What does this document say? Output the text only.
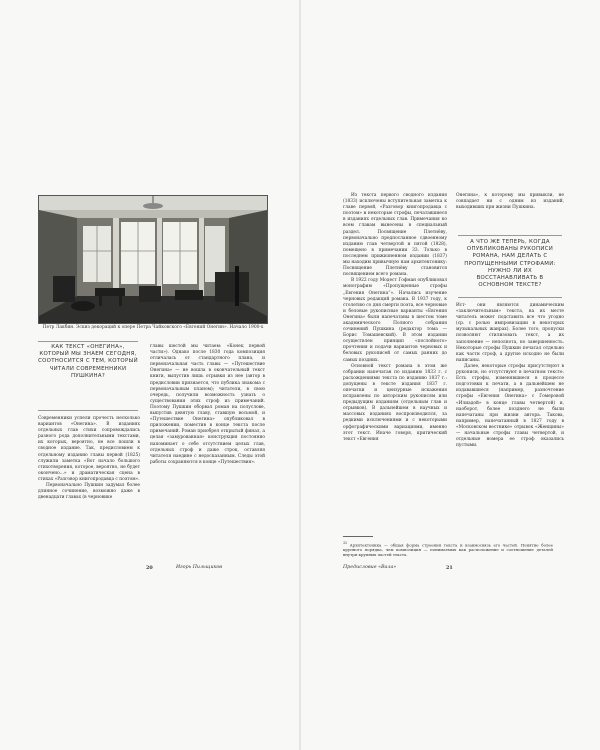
Петр Лакбин. Эскиз декораций к опере Петра Чайковского «Евгений Онегин». Начало 1900-х
КАК ТЕКСТ «ОНЕГИНА», КОТОРЫЙ МЫ ЗНАЕМ СЕГОДНЯ, СООТНОСИТСЯ С ТЕМ, КОТОРЫЙ ЧИТАЛИ СОВРЕМЕННИКИ ПУШКИНА?

Современники успели прочесть несколько вариантов «Онегина». В изданиях отдельных глав стихи сопровождались разного рода дополнительными текстами, их которых, вероятно, не все пошли в сводное издание. Так, предисловием к отдельному изданию главы первой (1825) служили заметка «Вот начало большого стихотворения, которое, вероятно, не будет окончено...» и драматическая сцена в стихах «Разговор книгопродавца с поэтом».

Первоначально Пушкин задумал более длинное сочинение, возможно даже в двенадцати главах (в черновике

главы шестой мы читаем: «Конец первой части»). Однако после 1830 года композиция отличалась от стандартного плана, и первоначальная часть главы — «Путешествие Онегина» — не вошла в окончательный текст книги, выпустив лишь отрывки из нее (автор в предисловии признается, что публика знакома с первоначальным планом); читатели, в свою очередь, получили возможность узнать о существовании этих строф из примечаний. Поэтому Пушкин оборвал роман на полуслове, выпустив девятую главу, ставшую восьмой, и «Путешествие Онегина» опубликовал в приложении, поместив в конце текста после примечаний. Роман приобрел открытый финал, а целая «замурованная» конструкция постоянно напоминает о себе отсутствием целых глав, отдельных строф и даже строк, оставляя читателя наедине с недосказанным. Следы этой работы сохраняются в конце «Путешествия».

20	Игорь Пильщиков

Из текста первого сводного издания (1833) исключены вступительная заметка к главе первой, «Разговор книгопродавца с поэтом» и некоторые строфы, печатавшиеся в изданиях отдельных глав. Примечания ко всем главам вынесены в специальный раздел. Посвящение Плетнёву, первоначально предпосланное сдвоенному изданию глав четвертой и пятой (1828), помещено в примечании 33. Только в последнем прижизненном издании (1837) мы находим привычную нам архитектонику: Посвящение Плетнёву становится посвящением всего романа.

В 1922 году Модест Гофман опубликовал монографию «Пропущенные строфы „Евгения Онегина“». Начались изучение черновых редакций романа. В 1937 году, к столетию со дня смерти поэта, все черновые и беловые рукописные варианты «Евгения Онегина» были напечатаны в шестом томе академического Полного собрания сочинений Пушкина (редактор тома — Борис Томашевский). В этом издании осуществлен принцип «послойного» прочтения и подачи вариантов черновых и беловых рукописей от самых ранних до самых поздних.

Основной текст романа в этом же собрании напечатан по изданию 1833 г. с расхождениями текста по изданию 1837 г.: допущены в тексте издания 1837 г. опечатки и цензурные искажения исправлены по авторским рукописям или предыдущим изданиям (отдельным глав и отрывков). В дальнейшем в научных и массовых изданиях воспроизводился, за редкими исключениями и с некоторыми орфографическими вариациями, именно этот текст. Иначе говоря, критический текст «Евгения

Онегина», к которому мы привыкли, не совпадает ни с одним из изданий, выходивших при жизни Пушкина.

А ЧТО ЖЕ ТЕПЕРЬ, КОГДА ОПУБЛИКОВАНЫ РУКОПИСИ РОМАНА, НАМ ДЕЛАТЬ С ПРОПУЩЕННЫМИ СТРОФАМИ: НУЖНО ЛИ ИХ ВОССТАНАВЛИВАТЬ В ОСНОВНОМ ТЕКСТЕ?

Ист- они являются динамическим «заключительным» текста, на их месте читатель может подставить все что угодно (ср. с ролью импровизации в некоторых музыкальных жанрах). Более того, пропуски позволяют стилизовать текст, а их заполнение — неполнота, но завершенность. Некоторые строфы Пушкин печатал отдельно как части строф, а другие исходно не были написаны.

Далее, некоторые строфы присутствуют в рукописи, но отсутствуют в печатном тексте. Есть строфы, изменявшиеся в процессе подготовки к печати, а в дальнейшем не издававшиеся (например, разночтение строфы «Евгения Онегина» с Гомеровой «Илиадой» в конце главы четвертой) и, наоборот, более позднего не были напечатаны при жизни автора. Такова, например, напечатанный в 1827 году в «Московском вестнике» отрывок «Женщины» — начальные строфы главы четвертой, и отдельные номера ее строф оказались пустыми.

$^{32}$ Архитектоника — общая форма строения текста и взаимосвязь его частей. Понятие более крупного порядка, чем композиция — понимаемых как расположение и соотношение деталей внутри крупных частей текста.
Предисловие «Вала»	21
